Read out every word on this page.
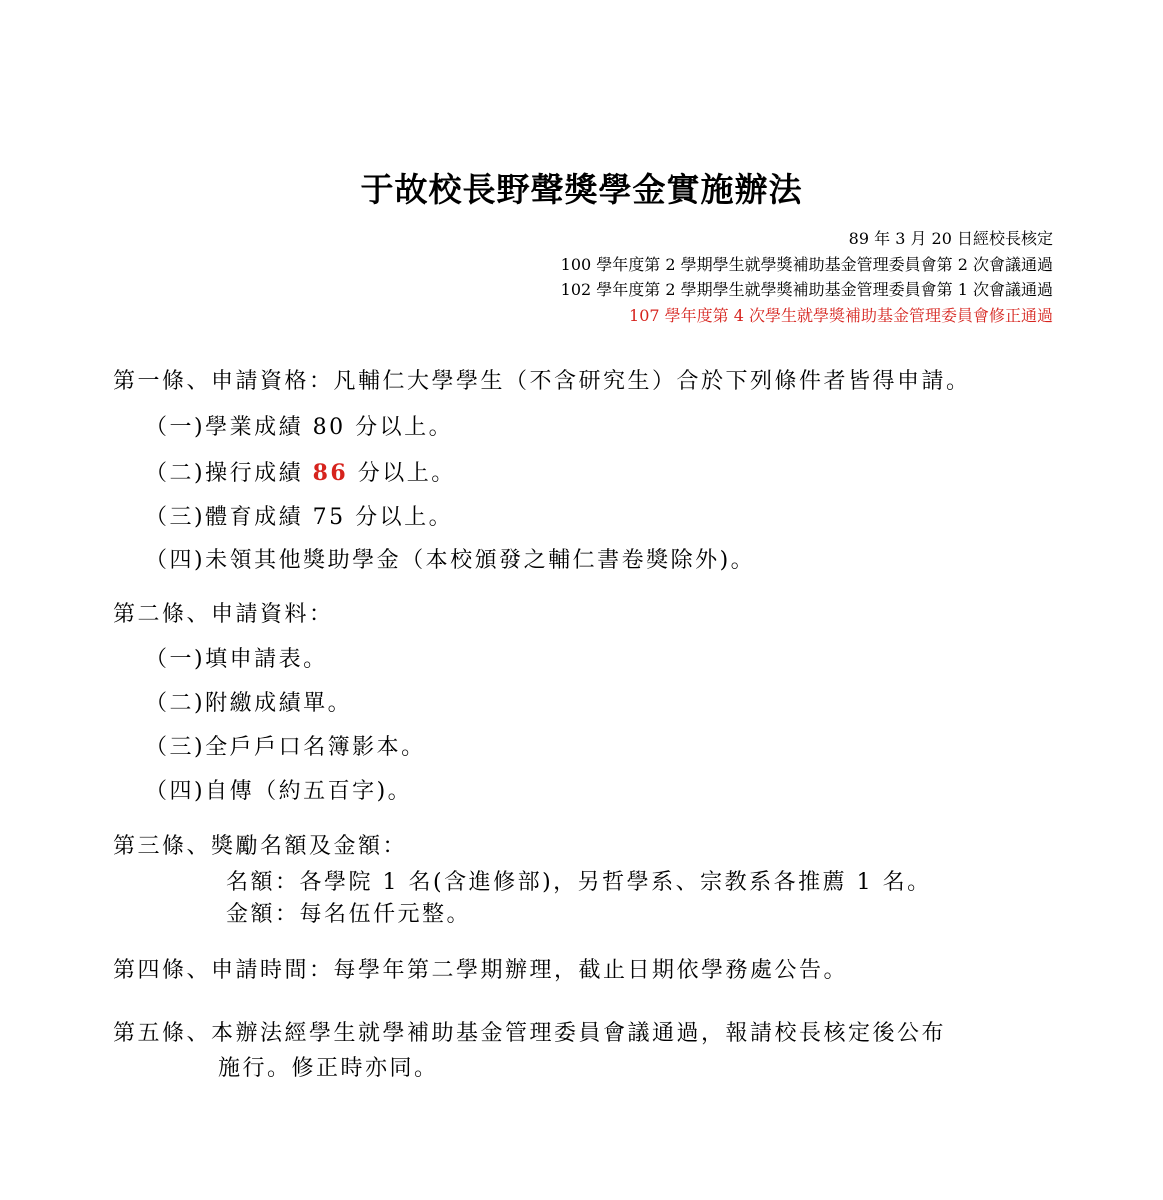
于故校長野聲獎學金實施辦法
89 年 3 月 20 日經校長核定
100 學年度第 2 學期學生就學獎補助基金管理委員會第 2 次會議通過
102 學年度第 2 學期學生就學獎補助基金管理委員會第 1 次會議通過
107 學年度第 4 次學生就學獎補助基金管理委員會修正通過
第一條、申請資格：凡輔仁大學學生（不含研究生）合於下列條件者皆得申請。
（一)學業成績 80 分以上。
（二)操行成績 86 分以上。
（三)體育成績 75 分以上。
（四)未領其他獎助學金（本校頒發之輔仁書卷獎除外)。
第二條、申請資料：
（一)填申請表。
（二)附繳成績單。
（三)全戶戶口名簿影本。
（四)自傳（約五百字)。
第三條、獎勵名額及金額：
名額：各學院 1 名(含進修部)，另哲學系、宗教系各推薦 1 名。
金額：每名伍仟元整。
第四條、申請時間：每學年第二學期辦理，截止日期依學務處公告。
第五條、本辦法經學生就學補助基金管理委員會議通過，報請校長核定後公布
施行。修正時亦同。
